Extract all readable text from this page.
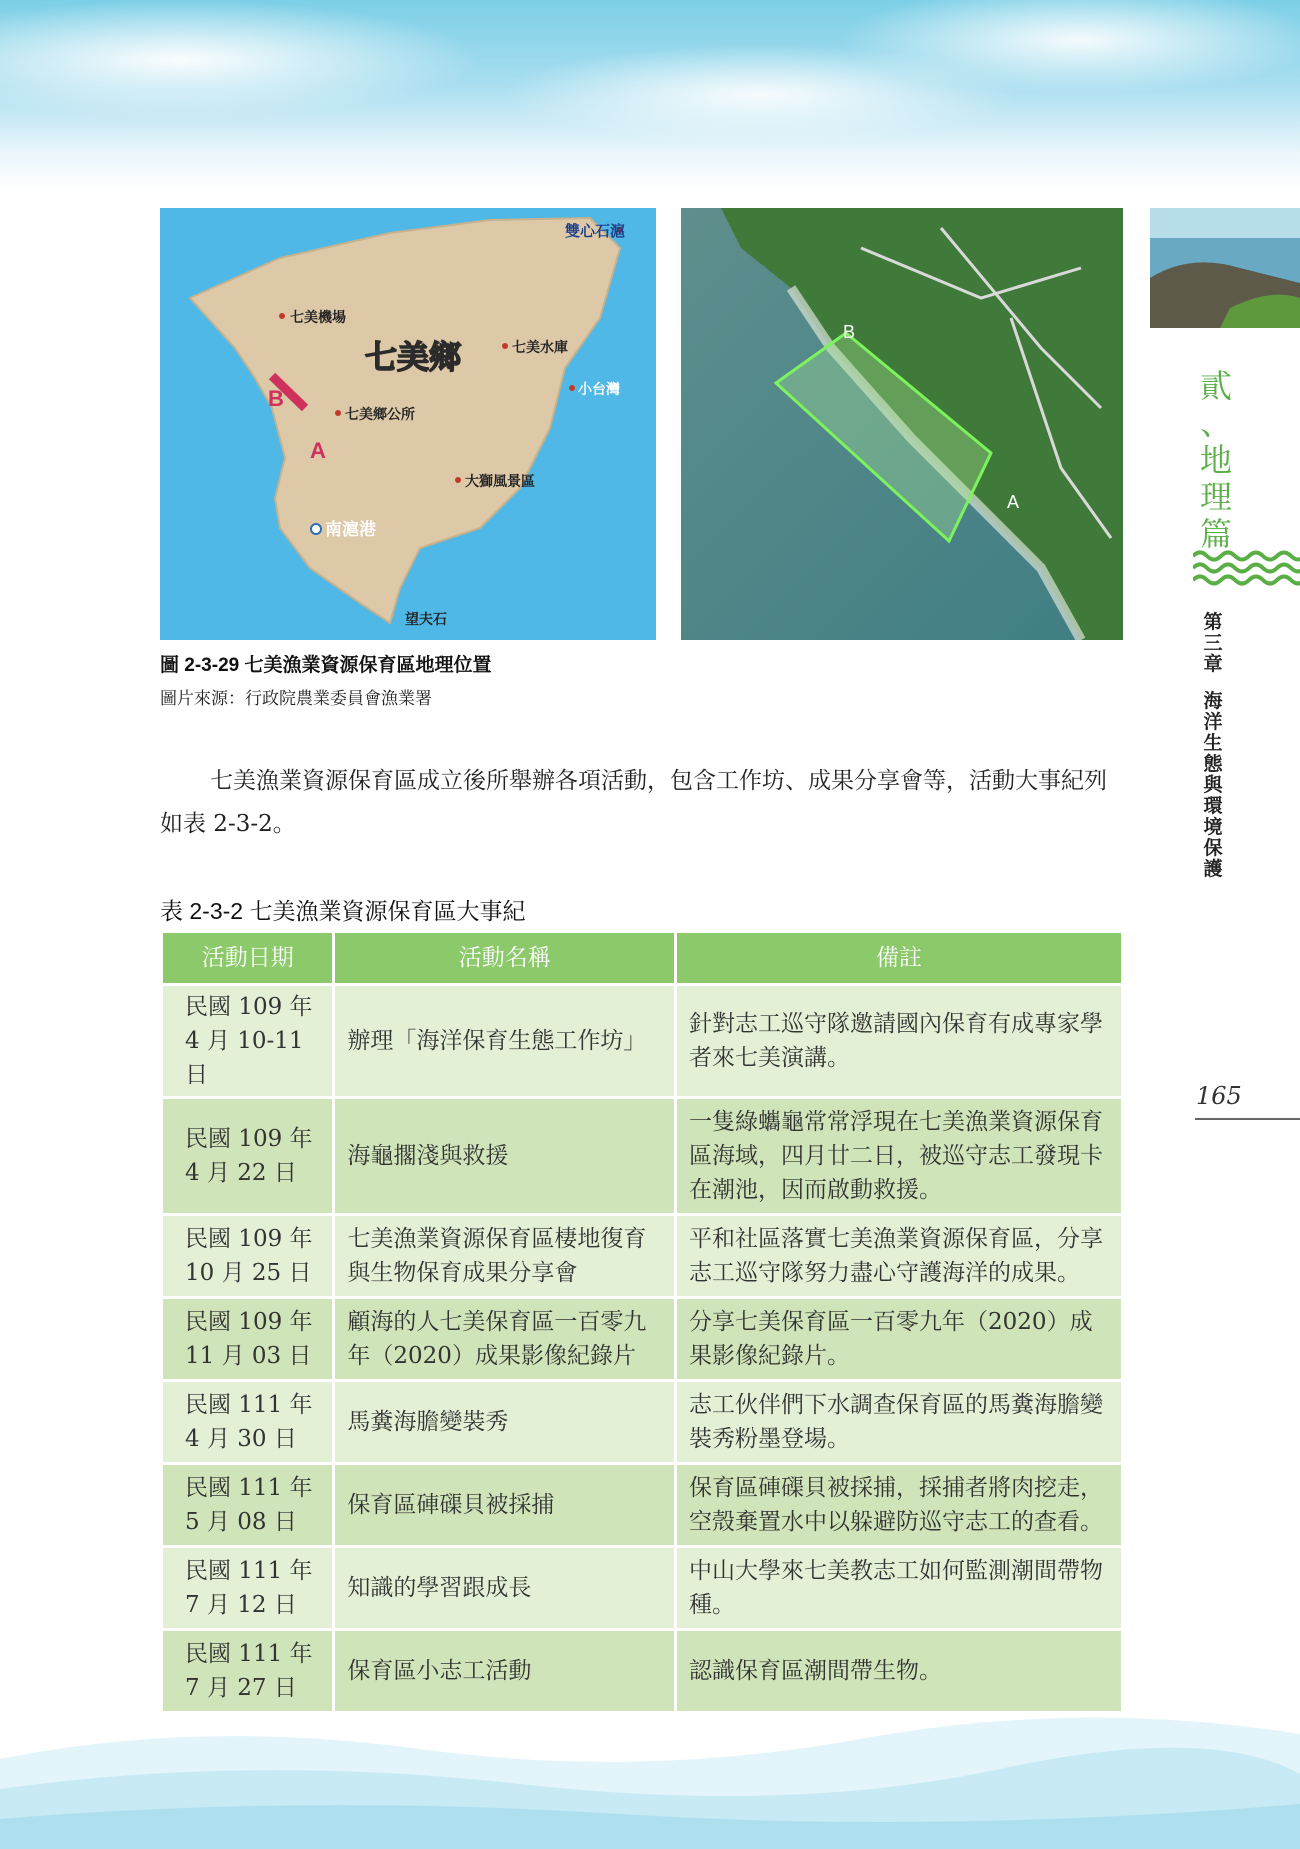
雙心石滬
七美機場
七美鄉	七美水庫
小台灣
七美鄉公所
大獅風景區
南滬港
望夫石
B
A
B
A
圖 2-3-29 七美漁業資源保育區地理位置
圖片來源：行政院農業委員會漁業署
七美漁業資源保育區成立後所舉辦各項活動，包含工作坊、成果分享會等，活動大事紀列如表 2-3-2。
表 2-3-2 七美漁業資源保育區大事紀
活動日期	活動名稱	備註

民國 109 年
4 月 10-11 日	辦理「海洋保育生態工作坊」	針對志工巡守隊邀請國內保育有成專家學者來七美演講。

民國 109 年
4 月 22 日	海龜擱淺與救援	一隻綠蠵龜常常浮現在七美漁業資源保育區海域，四月廿二日，被巡守志工發現卡在潮池，因而啟動救援。

民國 109 年
10 月 25 日	七美漁業資源保育區棲地復育與生物保育成果分享會	平和社區落實七美漁業資源保育區，分享志工巡守隊努力盡心守護海洋的成果。

民國 109 年
11 月 03 日	顧海的人七美保育區一百零九年（2020）成果影像紀錄片	分享七美保育區一百零九年（2020）成果影像紀錄片。

民國 111 年
4 月 30 日	馬糞海膽變裝秀	志工伙伴們下水調查保育區的馬糞海膽變裝秀粉墨登場。

民國 111 年
5 月 08 日	保育區硨磲貝被採捕	保育區硨磲貝被採捕，採捕者將肉挖走，空殼棄置水中以躲避防巡守志工的查看。

民國 111 年
7 月 12 日	知識的學習跟成長	中山大學來七美教志工如何監測潮間帶物種。

民國 111 年
7 月 27 日	保育區小志工活動	認識保育區潮間帶生物。
貳
、
地
理
篇
第
三
章
海
洋
生
態
與
環
境
保
護
165
